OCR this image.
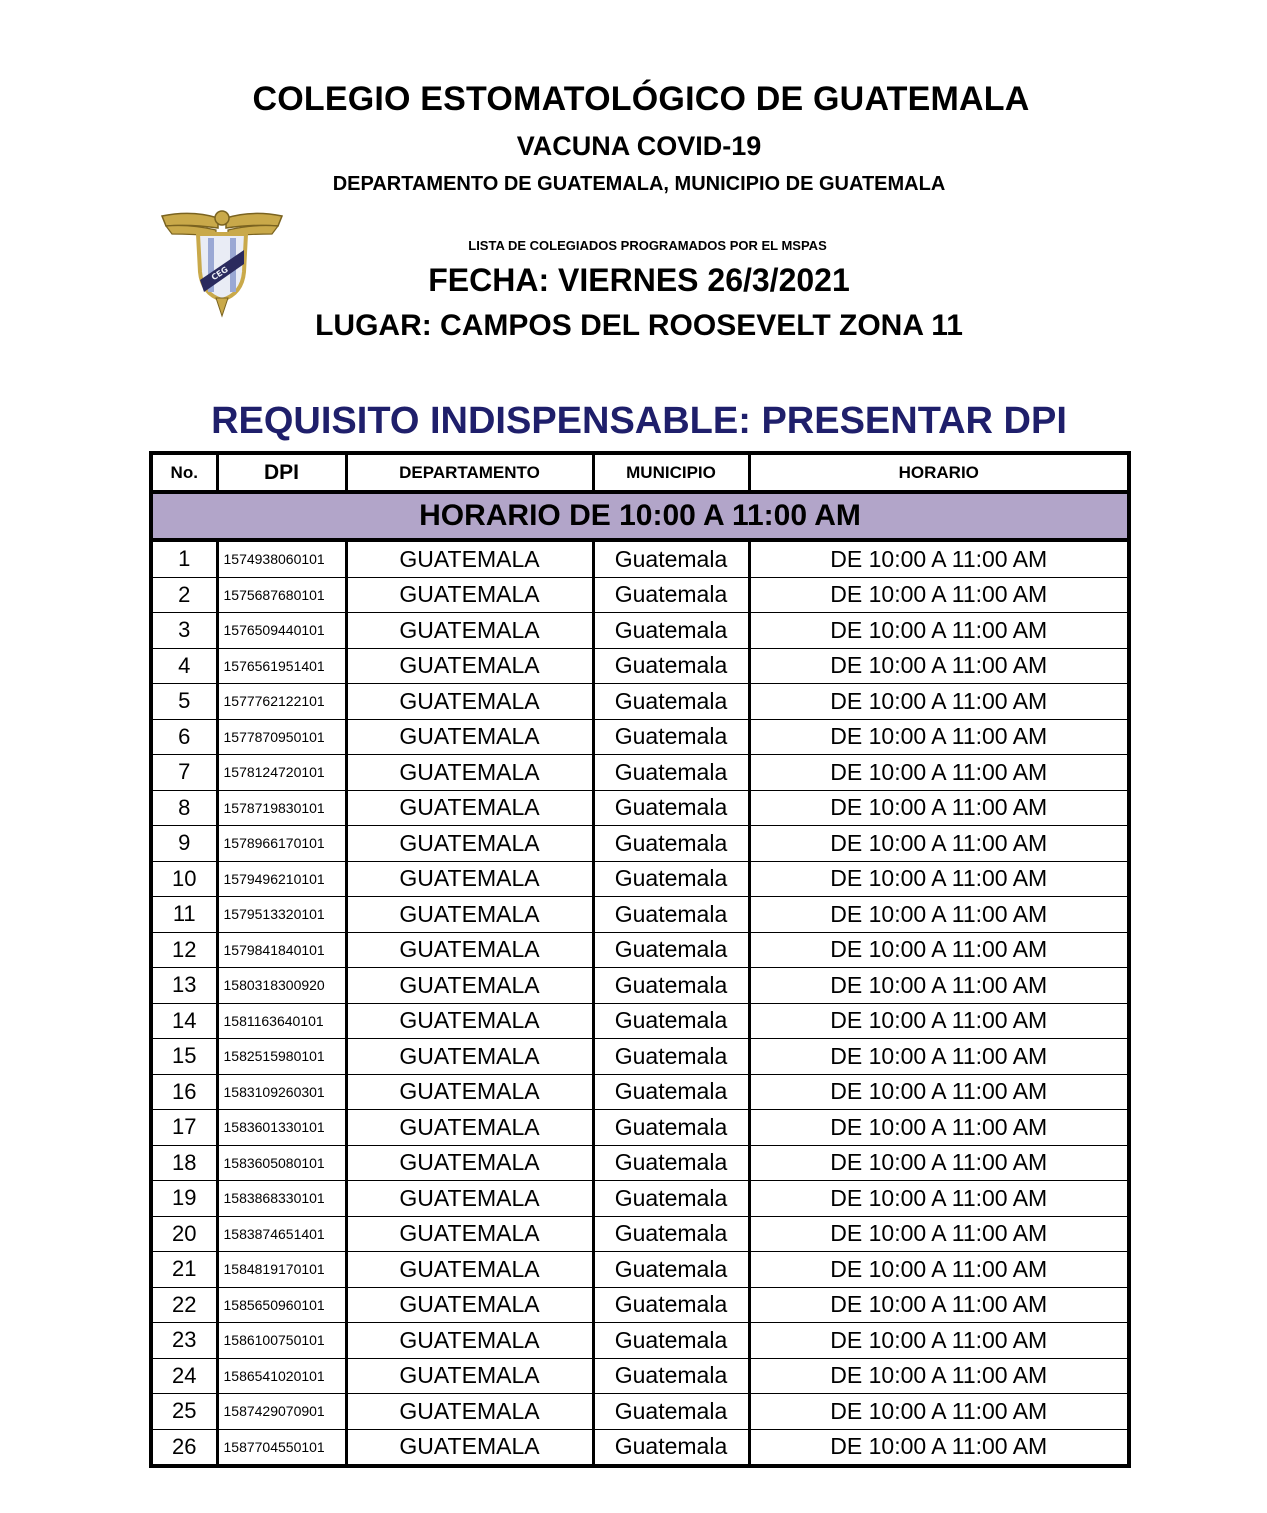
COLEGIO ESTOMATOLÓGICO DE GUATEMALA
VACUNA COVID-19
DEPARTAMENTO DE GUATEMALA, MUNICIPIO DE GUATEMALA
CEG
LISTA DE COLEGIADOS PROGRAMADOS POR EL MSPAS
FECHA: VIERNES 26/3/2021
LUGAR: CAMPOS DEL ROOSEVELT ZONA 11
REQUISITO INDISPENSABLE: PRESENTAR DPI
No.	DPI	DEPARTAMENTO	MUNICIPIO	HORARIO
HORARIO DE 10:00 A 11:00 AM				
1	1574938060101	GUATEMALA	Guatemala	DE 10:00 A 11:00 AM
2	1575687680101	GUATEMALA	Guatemala	DE 10:00 A 11:00 AM
3	1576509440101	GUATEMALA	Guatemala	DE 10:00 A 11:00 AM
4	1576561951401	GUATEMALA	Guatemala	DE 10:00 A 11:00 AM
5	1577762122101	GUATEMALA	Guatemala	DE 10:00 A 11:00 AM
6	1577870950101	GUATEMALA	Guatemala	DE 10:00 A 11:00 AM
7	1578124720101	GUATEMALA	Guatemala	DE 10:00 A 11:00 AM
8	1578719830101	GUATEMALA	Guatemala	DE 10:00 A 11:00 AM
9	1578966170101	GUATEMALA	Guatemala	DE 10:00 A 11:00 AM
10	1579496210101	GUATEMALA	Guatemala	DE 10:00 A 11:00 AM
11	1579513320101	GUATEMALA	Guatemala	DE 10:00 A 11:00 AM
12	1579841840101	GUATEMALA	Guatemala	DE 10:00 A 11:00 AM
13	1580318300920	GUATEMALA	Guatemala	DE 10:00 A 11:00 AM
14	1581163640101	GUATEMALA	Guatemala	DE 10:00 A 11:00 AM
15	1582515980101	GUATEMALA	Guatemala	DE 10:00 A 11:00 AM
16	1583109260301	GUATEMALA	Guatemala	DE 10:00 A 11:00 AM
17	1583601330101	GUATEMALA	Guatemala	DE 10:00 A 11:00 AM
18	1583605080101	GUATEMALA	Guatemala	DE 10:00 A 11:00 AM
19	1583868330101	GUATEMALA	Guatemala	DE 10:00 A 11:00 AM
20	1583874651401	GUATEMALA	Guatemala	DE 10:00 A 11:00 AM
21	1584819170101	GUATEMALA	Guatemala	DE 10:00 A 11:00 AM
22	1585650960101	GUATEMALA	Guatemala	DE 10:00 A 11:00 AM
23	1586100750101	GUATEMALA	Guatemala	DE 10:00 A 11:00 AM
24	1586541020101	GUATEMALA	Guatemala	DE 10:00 A 11:00 AM
25	1587429070901	GUATEMALA	Guatemala	DE 10:00 A 11:00 AM
26	1587704550101	GUATEMALA	Guatemala	DE 10:00 A 11:00 AM
